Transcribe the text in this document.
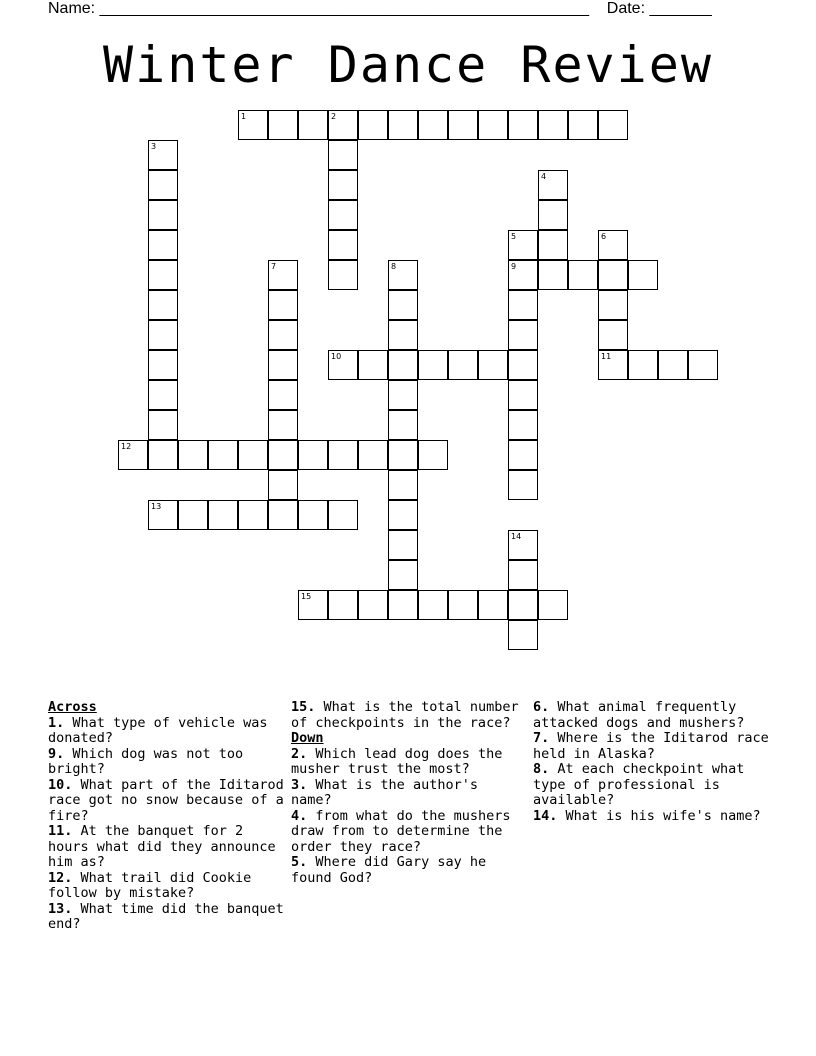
Name: _______________________________________________________    Date: _______
Winter Dance Review
1	2
3
4
5
9
6
11
7	8
10
12
13
14
15
Across
1. What type of vehicle was donated?
9. Which dog was not too bright?
10. What part of the Iditarod race got no snow because of a fire?
11. At the banquet for 2 hours what did they announce him as?
12. What trail did Cookie follow by mistake?
13. What time did the banquet end?
15. What is the total number of checkpoints in the race?
Down
2. Which lead dog does the musher trust the most?
3. What is the author's name?
4. from what do the mushers draw from to determine the order they race?
5. Where did Gary say he found God?
6. What animal frequently attacked dogs and mushers?
7. Where is the Iditarod race held in Alaska?
8. At each checkpoint what type of professional is available?
14. What is his wife's name?
